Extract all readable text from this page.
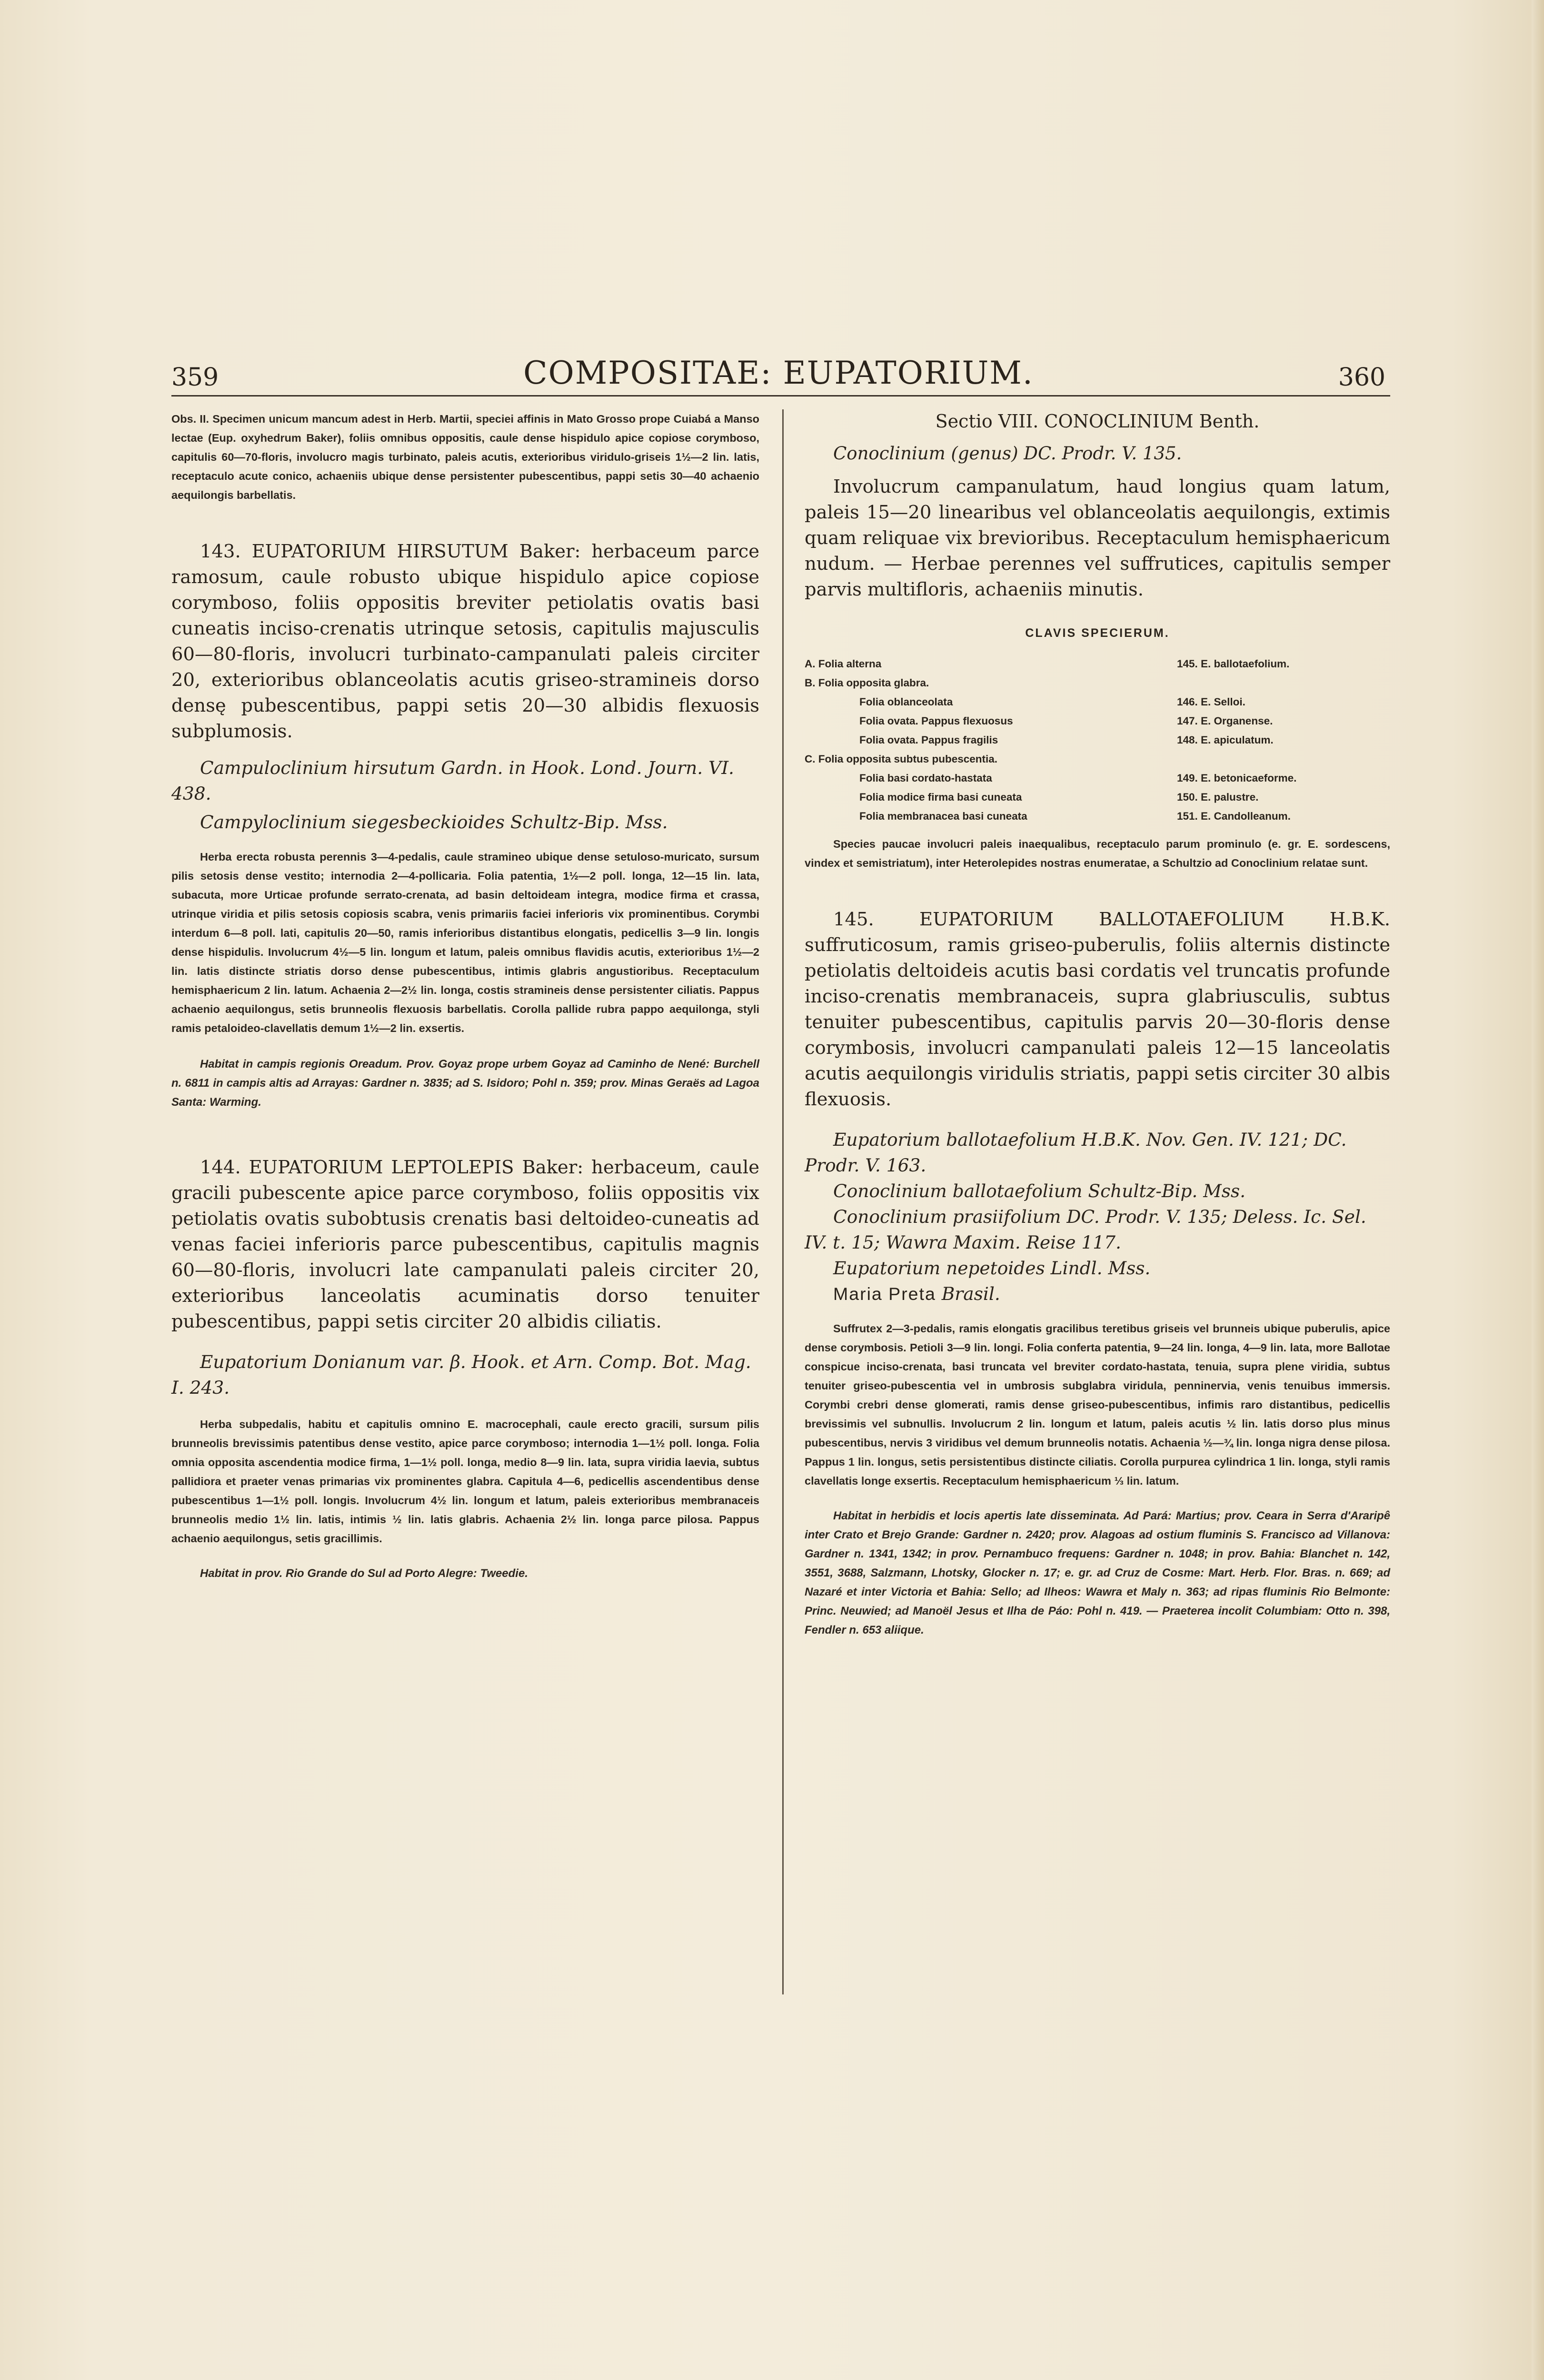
359	COMPOSITAE: EUPATORIUM.	360

Obs. II. Specimen unicum mancum adest in Herb. Martii, speciei affinis in Mato Grosso prope Cuiabá a Manso lectae (Eup. oxyhedrum Baker), foliis omnibus oppositis, caule dense hispidulo apice copiose corymboso, capitulis 60—70-floris, involucro magis turbinato, paleis acutis, exterioribus viridulo-griseis 1½—2 lin. latis, receptaculo acute conico, achaeniis ubique dense persistenter pubescentibus, pappi setis 30—40 achaenio aequilongis barbellatis.

143. EUPATORIUM HIRSUTUM Baker: herbaceum parce ramosum, caule robusto ubique hispidulo apice copiose corymboso, foliis oppositis breviter petiolatis ovatis basi cuneatis inciso-crenatis utrinque setosis, capitulis majusculis 60—80-floris, involucri turbinato-campanulati paleis circiter 20, exterioribus oblanceolatis acutis griseo-stramineis dorso densę pubescentibus, pappi setis 20—30 albidis flexuosis subplumosis.

Campuloclinium hirsutum Gardn. in Hook. Lond. Journ. VI. 438.

Campyloclinium siegesbeckioides Schultz-Bip. Mss.

Herba erecta robusta perennis 3—4-pedalis, caule stramineo ubique dense setuloso-muricato, sursum pilis setosis dense vestito; internodia 2—4-pollicaria. Folia patentia, 1½—2 poll. longa, 12—15 lin. lata, subacuta, more Urticae profunde serrato-crenata, ad basin deltoideam integra, modice firma et crassa, utrinque viridia et pilis setosis copiosis scabra, venis primariis faciei inferioris vix prominentibus. Corymbi interdum 6—8 poll. lati, capitulis 20—50, ramis inferioribus distantibus elongatis, pedicellis 3—9 lin. longis dense hispidulis. Involucrum 4½—5 lin. longum et latum, paleis omnibus flavidis acutis, exterioribus 1½—2 lin. latis distincte striatis dorso dense pubescentibus, intimis glabris angustioribus. Receptaculum hemisphaericum 2 lin. latum. Achaenia 2—2½ lin. longa, costis stramineis dense persistenter ciliatis. Pappus achaenio aequilongus, setis brunneolis flexuosis barbellatis. Corolla pallide rubra pappo aequilonga, styli ramis petaloideo-clavellatis demum 1½—2 lin. exsertis.

Habitat in campis regionis Oreadum. Prov. Goyaz prope urbem Goyaz ad Caminho de Nené: Burchell n. 6811 in campis altis ad Arrayas: Gardner n. 3835; ad S. Isidoro; Pohl n. 359; prov. Minas Geraës ad Lagoa Santa: Warming.

144. EUPATORIUM LEPTOLEPIS Baker: herbaceum, caule gracili pubescente apice parce corymboso, foliis oppositis vix petiolatis ovatis subobtusis crenatis basi deltoideo-cuneatis ad venas faciei inferioris parce pubescentibus, capitulis magnis 60—80-floris, involucri late campanulati paleis circiter 20, exterioribus lanceolatis acuminatis dorso tenuiter pubescentibus, pappi setis circiter 20 albidis ciliatis.

Eupatorium Donianum var. β. Hook. et Arn. Comp. Bot. Mag. I. 243.

Herba subpedalis, habitu et capitulis omnino E. macrocephali, caule erecto gracili, sursum pilis brunneolis brevissimis patentibus dense vestito, apice parce corymboso; internodia 1—1½ poll. longa. Folia omnia opposita ascendentia modice firma, 1—1½ poll. longa, medio 8—9 lin. lata, supra viridia laevia, subtus pallidiora et praeter venas primarias vix prominentes glabra. Capitula 4—6, pedicellis ascendentibus dense pubescentibus 1—1½ poll. longis. Involucrum 4½ lin. longum et latum, paleis exterioribus membranaceis brunneolis medio 1½ lin. latis, intimis ½ lin. latis glabris. Achaenia 2½ lin. longa parce pilosa. Pappus achaenio aequilongus, setis gracillimis.

Habitat in prov. Rio Grande do Sul ad Porto Alegre: Tweedie.

Sectio VIII. CONOCLINIUM Benth.

Conoclinium (genus) DC. Prodr. V. 135.

Involucrum campanulatum, haud longius quam latum, paleis 15—20 linearibus vel oblanceolatis aequilongis, extimis quam reliquae vix brevioribus. Receptaculum hemisphaericum nudum. — Herbae perennes vel suffrutices, capitulis semper parvis multifloris, achaeniis minutis.

CLAVIS SPECIERUM.

A. Folia alterna	145. E. ballotaefolium.
B. Folia opposita glabra.
Folia oblanceolata	146. E. Selloi.
Folia ovata. Pappus flexuosus	147. E. Organense.
Folia ovata. Pappus fragilis	148. E. apiculatum.
C. Folia opposita subtus pubescentia.
Folia basi cordato-hastata	149. E. betonicaeforme.
Folia modice firma basi cuneata	150. E. palustre.
Folia membranacea basi cuneata	151. E. Candolleanum.

Species paucae involucri paleis inaequalibus, receptaculo parum prominulo (e. gr. E. sordescens, vindex et semistriatum), inter Heterolepides nostras enumeratae, a Schultzio ad Conoclinium relatae sunt.

145. EUPATORIUM BALLOTAEFOLIUM H.B.K. suffruticosum, ramis griseo-puberulis, foliis alternis distincte petiolatis deltoideis acutis basi cordatis vel truncatis profunde inciso-crenatis membranaceis, supra glabriusculis, subtus tenuiter pubescentibus, capitulis parvis 20—30-floris dense corymbosis, involucri campanulati paleis 12—15 lanceolatis acutis aequilongis viridulis striatis, pappi setis circiter 30 albis flexuosis.

Eupatorium ballotaefolium H.B.K. Nov. Gen. IV. 121; DC. Prodr. V. 163.

Conoclinium ballotaefolium Schultz-Bip. Mss.

Conoclinium prasiifolium DC. Prodr. V. 135; Deless. Ic. Sel. IV. t. 15; Wawra Maxim. Reise 117.

Eupatorium nepetoides Lindl. Mss.

Maria Preta Brasil.

Suffrutex 2—3-pedalis, ramis elongatis gracilibus teretibus griseis vel brunneis ubique puberulis, apice dense corymbosis. Petioli 3—9 lin. longi. Folia conferta patentia, 9—24 lin. longa, 4—9 lin. lata, more Ballotae conspicue inciso-crenata, basi truncata vel breviter cordato-hastata, tenuia, supra plene viridia, subtus tenuiter griseo-pubescentia vel in umbrosis subglabra viridula, penninervia, venis tenuibus immersis. Corymbi crebri dense glomerati, ramis dense griseo-pubescentibus, infimis raro distantibus, pedicellis brevissimis vel subnullis. Involucrum 2 lin. longum et latum, paleis acutis ½ lin. latis dorso plus minus pubescentibus, nervis 3 viridibus vel demum brunneolis notatis. Achaenia ½—¾ lin. longa nigra dense pilosa. Pappus 1 lin. longus, setis persistentibus distincte ciliatis. Corolla purpurea cylindrica 1 lin. longa, styli ramis clavellatis longe exsertis. Receptaculum hemisphaericum ⅓ lin. latum.

Habitat in herbidis et locis apertis late disseminata. Ad Pará: Martius; prov. Ceara in Serra d'Araripê inter Crato et Brejo Grande: Gardner n. 2420; prov. Alagoas ad ostium fluminis S. Francisco ad Villanova: Gardner n. 1341, 1342; in prov. Pernambuco frequens: Gardner n. 1048; in prov. Bahia: Blanchet n. 142, 3551, 3688, Salzmann, Lhotsky, Glocker n. 17; e. gr. ad Cruz de Cosme: Mart. Herb. Flor. Bras. n. 669; ad Nazaré et inter Victoria et Bahia: Sello; ad Ilheos: Wawra et Maly n. 363; ad ripas fluminis Rio Belmonte: Princ. Neuwied; ad Manoël Jesus et Ilha de Páo: Pohl n. 419. — Praeterea incolit Columbiam: Otto n. 398, Fendler n. 653 aliique.
